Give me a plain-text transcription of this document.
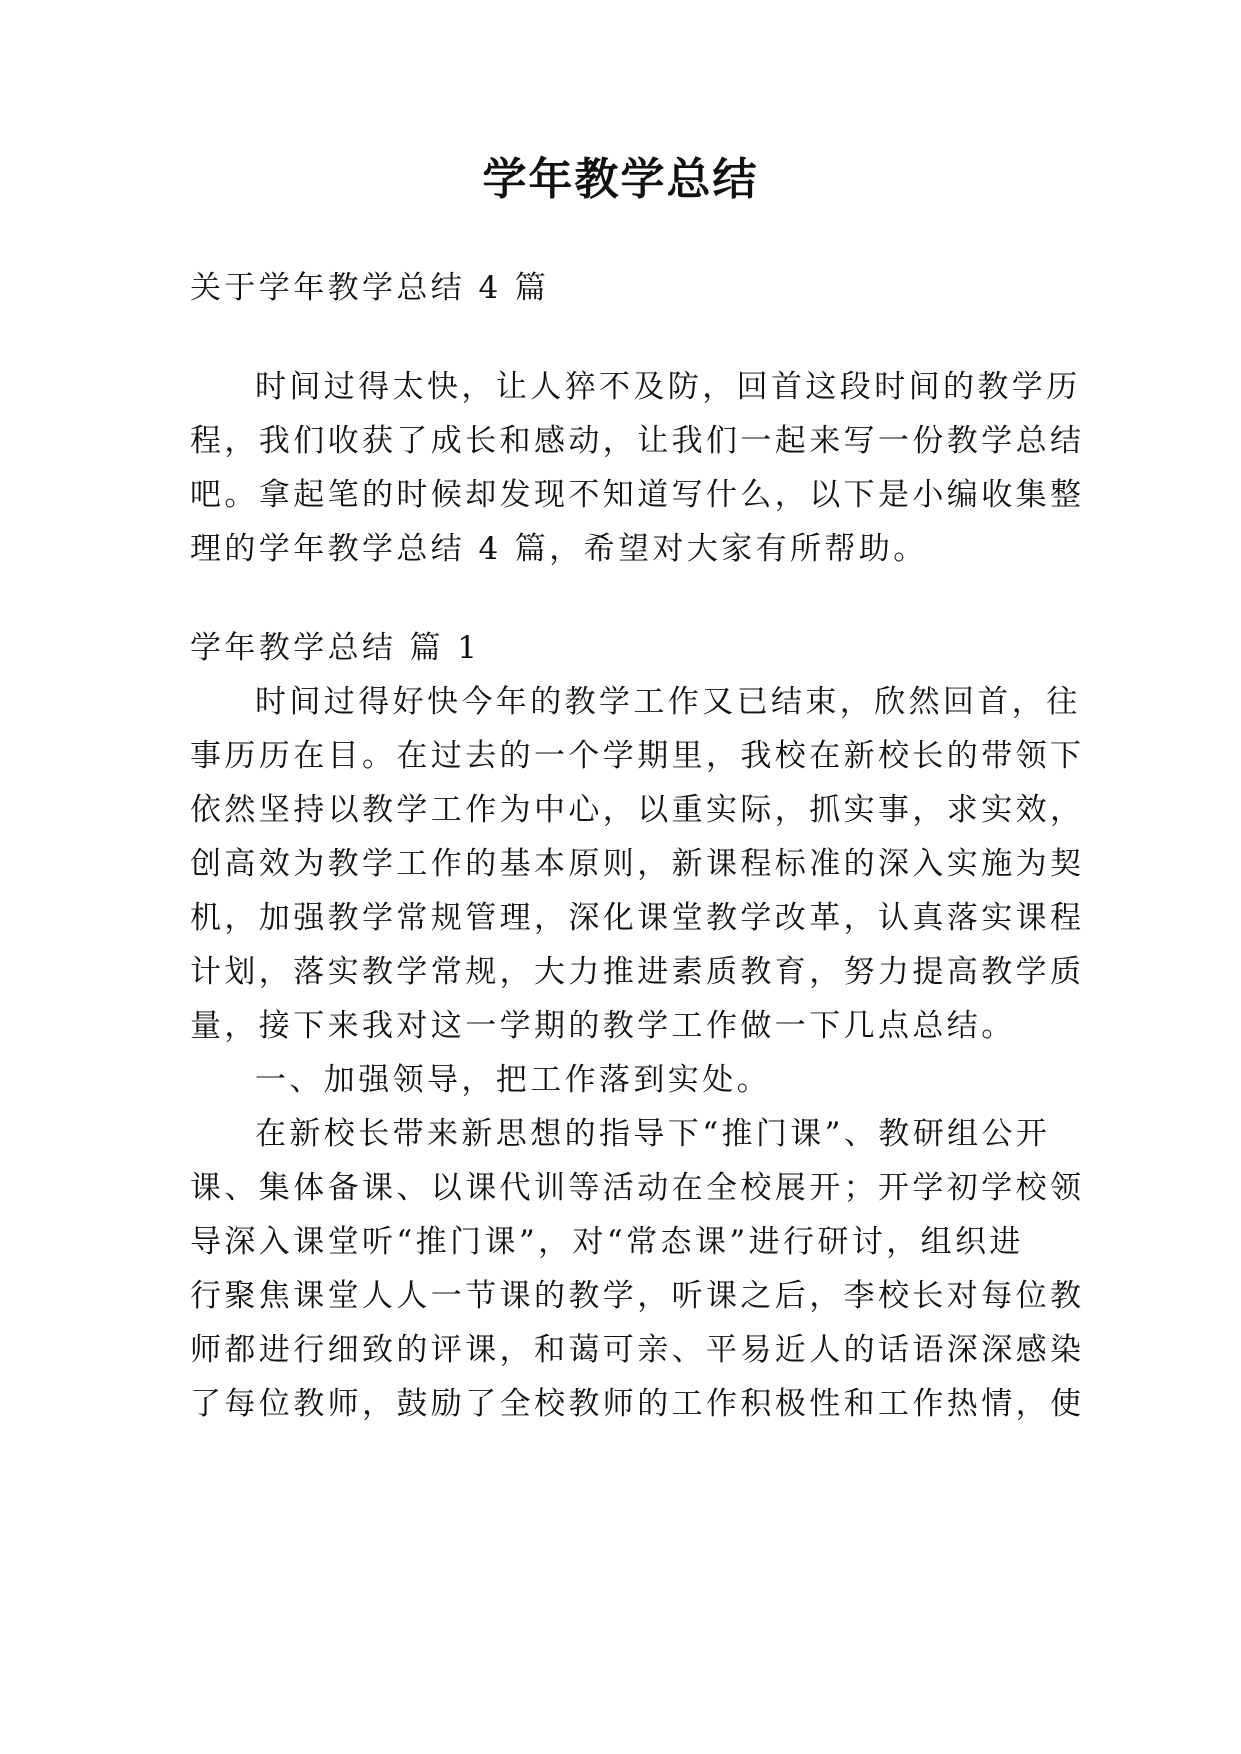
学年教学总结

关于学年教学总结 4 篇

时间过得太快，让人猝不及防，回首这段时间的教学历

程，我们收获了成长和感动，让我们一起来写一份教学总结

吧。拿起笔的时候却发现不知道写什么，以下是小编收集整

理的学年教学总结 4 篇，希望对大家有所帮助。

学年教学总结 篇 1

时间过得好快今年的教学工作又已结束，欣然回首，往

事历历在目。在过去的一个学期里，我校在新校长的带领下

依然坚持以教学工作为中心，以重实际，抓实事，求实效，

创高效为教学工作的基本原则，新课程标准的深入实施为契

机，加强教学常规管理，深化课堂教学改革，认真落实课程

计划，落实教学常规，大力推进素质教育，努力提高教学质

量，接下来我对这一学期的教学工作做一下几点总结。

一、加强领导，把工作落到实处。

在新校长带来新思想的指导下“推门课”、教研组公开

课、集体备课、以课代训等活动在全校展开；开学初学校领

导深入课堂听“推门课”，对“常态课”进行研讨，组织进

行聚焦课堂人人一节课的教学，听课之后，李校长对每位教

师都进行细致的评课，和蔼可亲、平易近人的话语深深感染

了每位教师，鼓励了全校教师的工作积极性和工作热情，使
